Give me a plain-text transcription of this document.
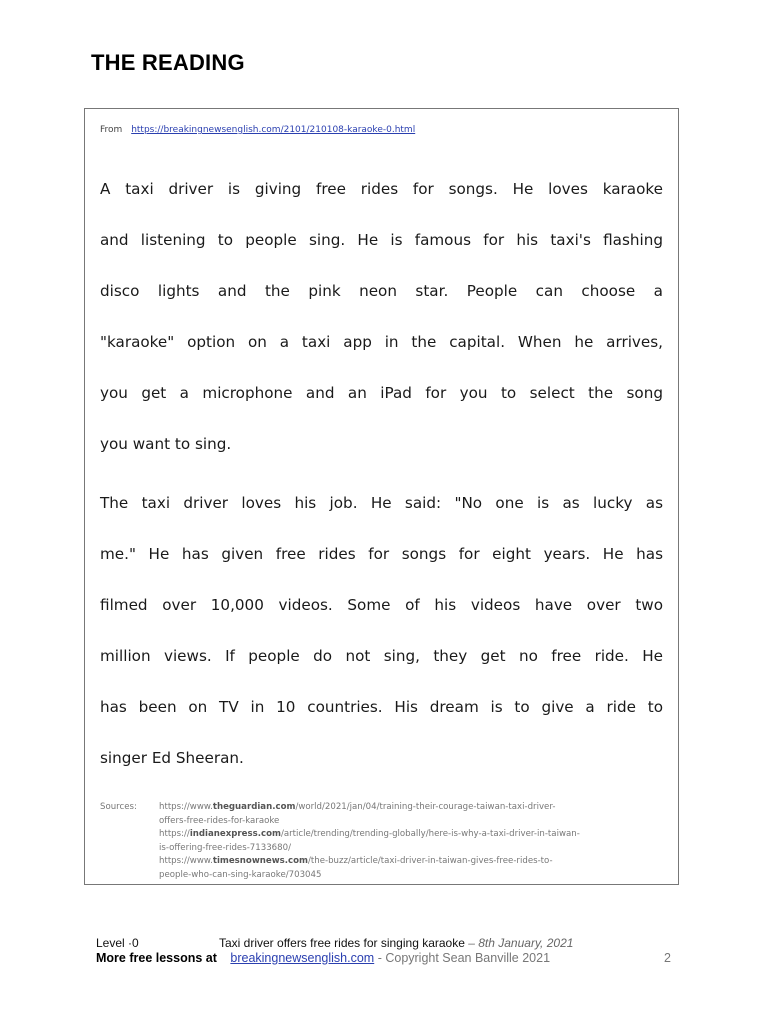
THE READING
From https://breakingnewsenglish.com/2101/210108-karaoke-0.html
A taxi driver is giving free rides for songs. He loves karaoke
and listening to people sing. He is famous for his taxi's flashing
disco lights and the pink neon star. People can choose a
"karaoke" option on a taxi app in the capital. When he arrives,
you get a microphone and an iPad for you to select the song
you want to sing.
The taxi driver loves his job. He said: "No one is as lucky as
me." He has given free rides for songs for eight years. He has
filmed over 10,000 videos. Some of his videos have over two
million views. If people do not sing, they get no free ride. He
has been on TV in 10 countries. His dream is to give a ride to
singer Ed Sheeran.
Sources:	https://www.theguardian.com/world/2021/jan/04/training-their-courage-taiwan-taxi-driver-
offers-free-rides-for-karaoke
https://indianexpress.com/article/trending/trending-globally/here-is-why-a-taxi-driver-in-taiwan-
is-offering-free-rides-7133680/
https://www.timesnownews.com/the-buzz/article/taxi-driver-in-taiwan-gives-free-rides-to-
people-who-can-sing-karaoke/703045
Level ·0	Taxi driver offers free rides for singing karaoke – 8th January, 2021
More free lessons at breakingnewsenglish.com - Copyright Sean Banville 2021	2
